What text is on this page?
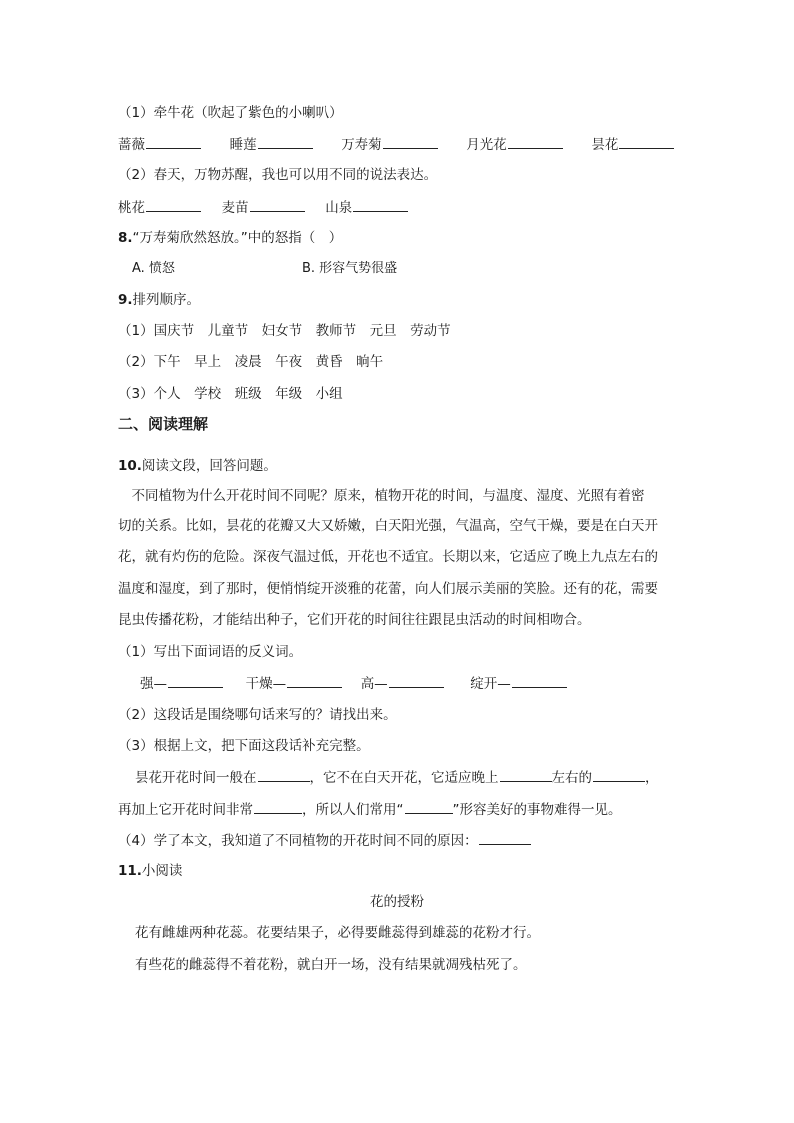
（1）牵牛花（吹起了紫色的小喇叭）
蔷薇	睡莲	万寿菊	月光花	昙花
（2）春天，万物苏醒，我也可以用不同的说法表达。
桃花	麦苗	山泉
8.“万寿菊欣然怒放。”中的怒指（　）
A. 愤怒	B. 形容气势很盛
9.排列顺序。
（1）国庆节　儿童节　妇女节　教师节　元旦　劳动节
（2）下午　早上　凌晨　午夜　黄昏　晌午
（3）个人　学校　班级　年级　小组
二、阅读理解
10.阅读文段，回答问题。
　不同植物为什么开花时间不同呢？原来，植物开花的时间，与温度、湿度、光照有着密
切的关系。比如，昙花的花瓣又大又娇嫩，白天阳光强，气温高，空气干燥，要是在白天开
花，就有灼伤的危险。深夜气温过低，开花也不适宜。长期以来，它适应了晚上九点左右的
温度和湿度，到了那时，便悄悄绽开淡雅的花蕾，向人们展示美丽的笑脸。还有的花，需要
昆虫传播花粉，才能结出种子，它们开花的时间往往跟昆虫活动的时间相吻合。
（1）写出下面词语的反义词。
强—	干燥—	高—	绽开—
（2）这段话是围绕哪句话来写的？请找出来。
（3）根据上文，把下面这段话补充完整。
昙花开花时间一般在	，它不在白天开花，它适应晚上	左右的	，
再加上它开花时间非常	，所以人们常用“	”形容美好的事物难得一见。
（4）学了本文，我知道了不同植物的开花时间不同的原因：
11.小阅读
花的授粉
花有雌雄两种花蕊。花要结果子，必得要雌蕊得到雄蕊的花粉才行。
有些花的雌蕊得不着花粉，就白开一场，没有结果就凋残枯死了。
